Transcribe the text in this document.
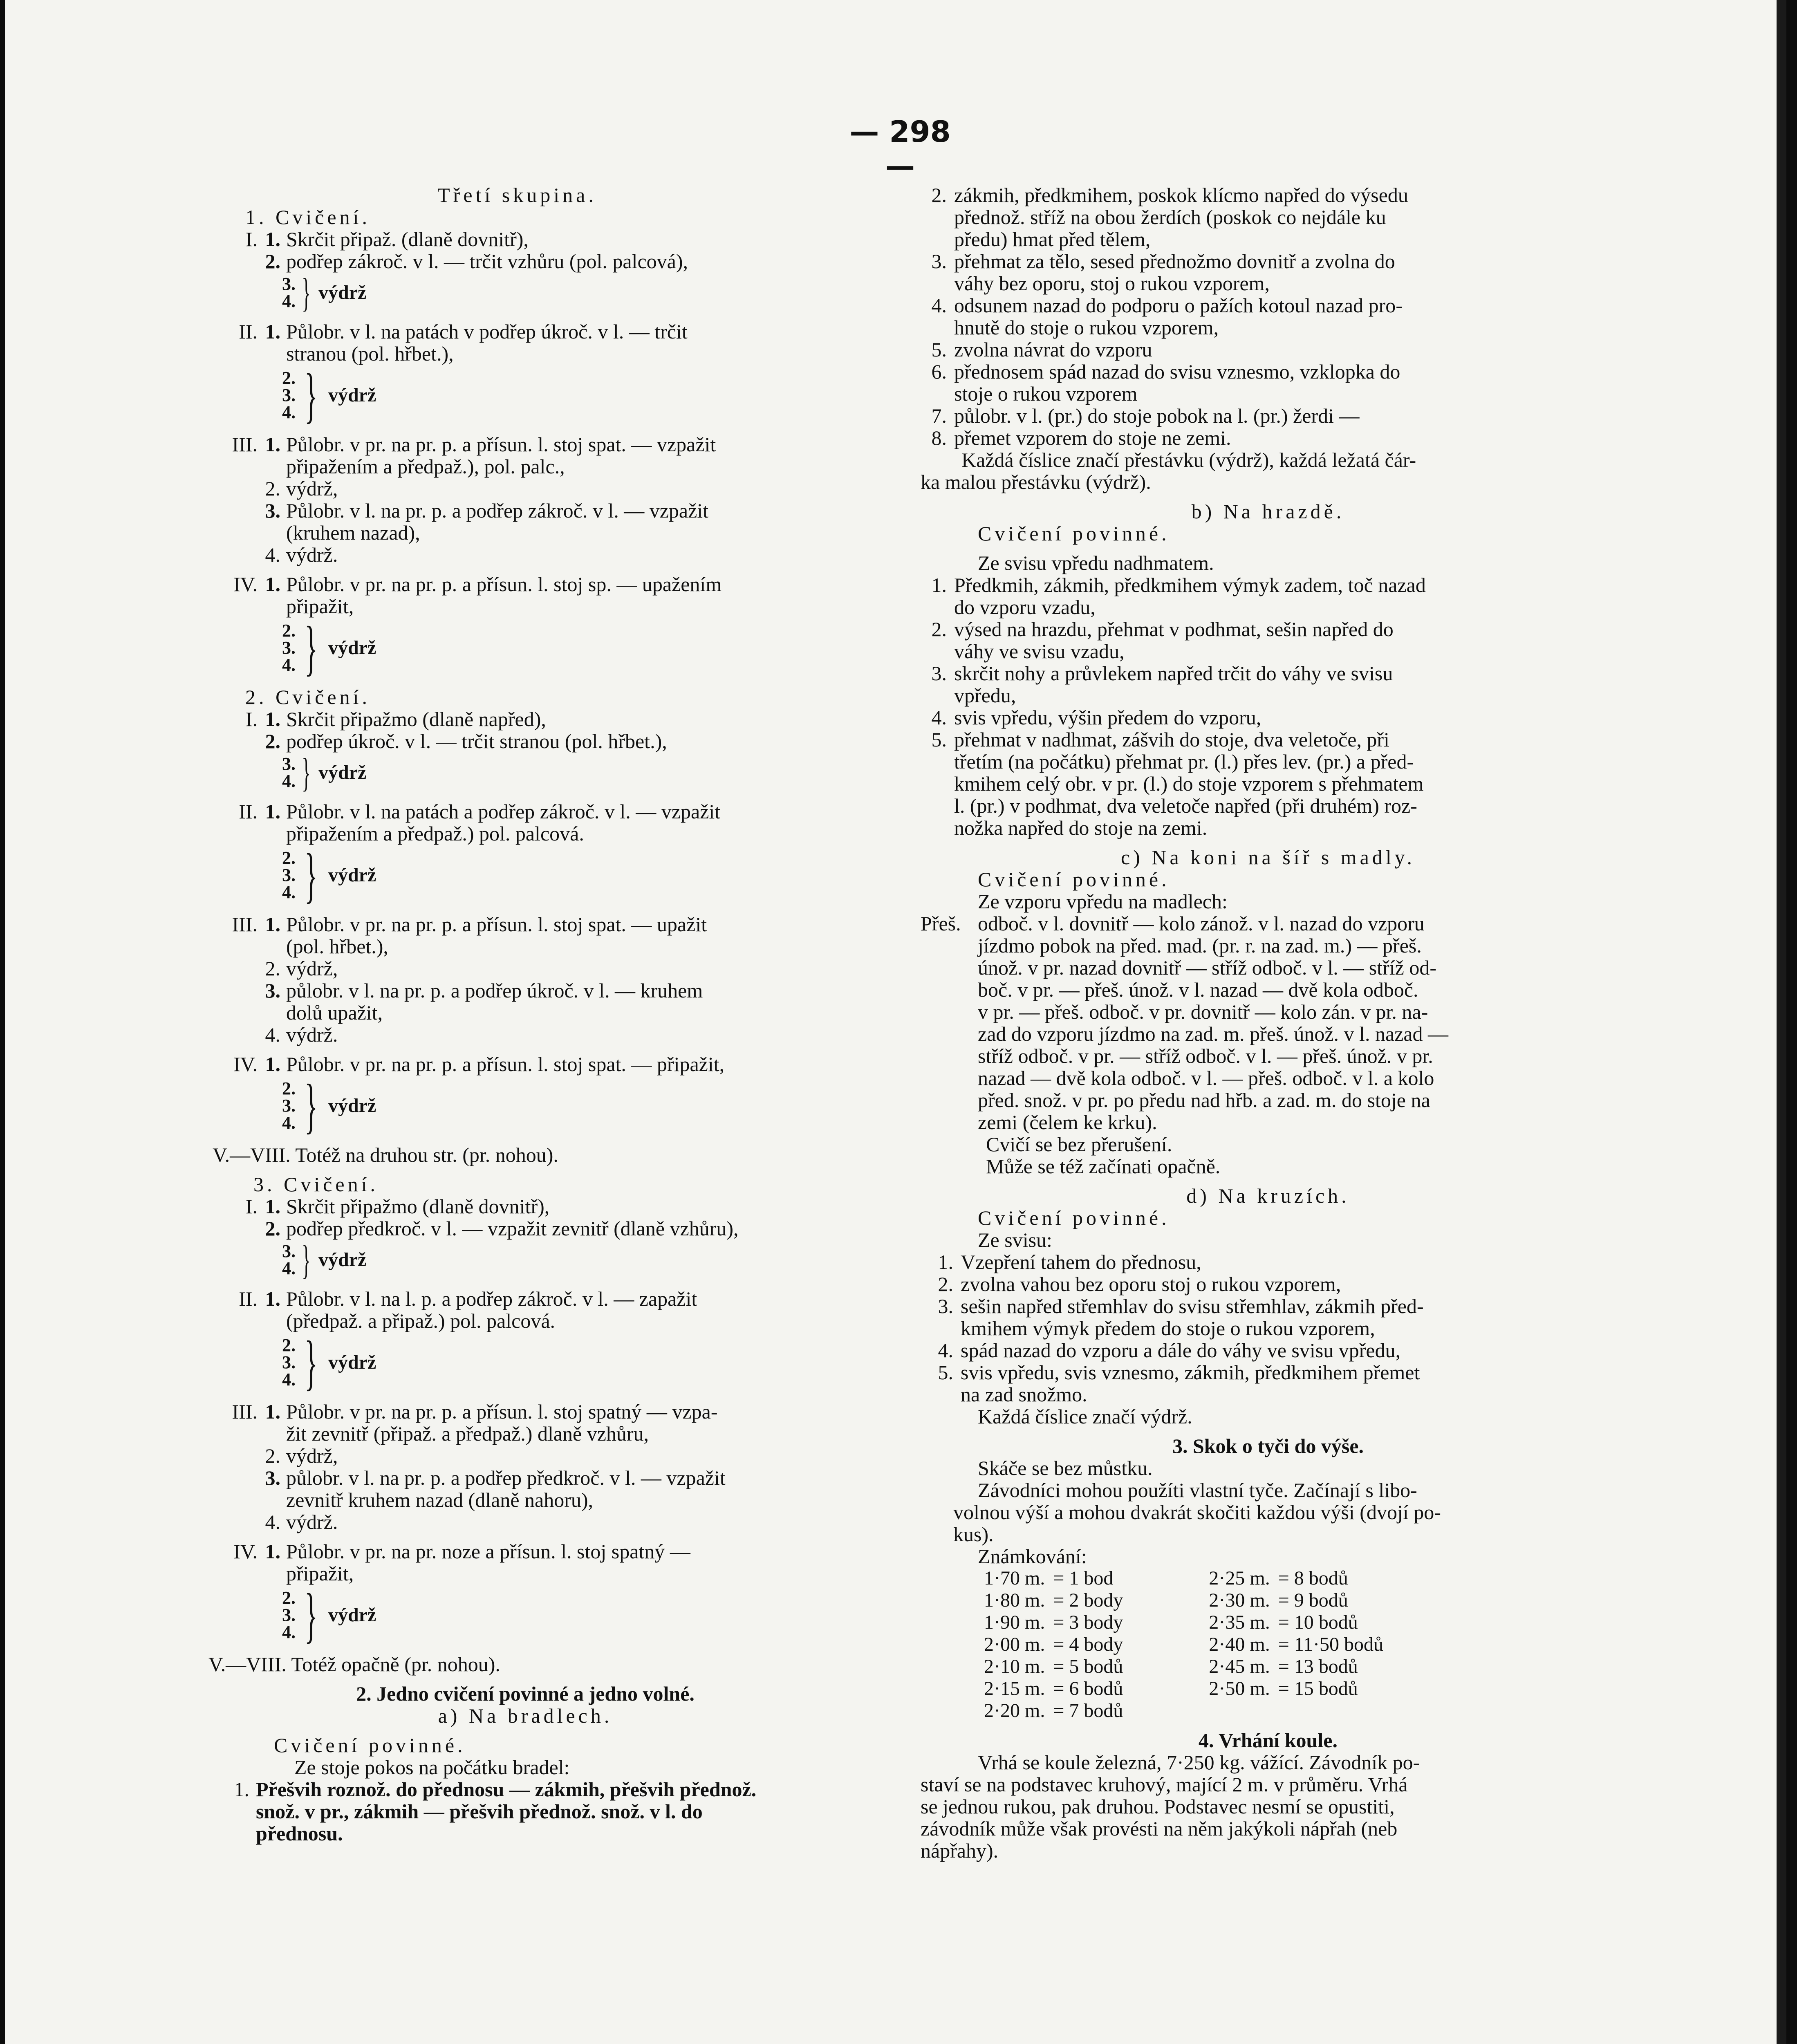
— 298 —
Třetí skupina.
1. Cvičení.
I. 1. Skrčit připaž. (dlaně dovnitř),
2. podřep zákroč. v l. — trčit vzhůru (pol. palcová),
3.
4. } výdrž
II. 1. Půlobr. v l. na patách v podřep úkroč. v l. — trčit
stranou (pol. hřbet.),
2.
3.
4. } výdrž
III. 1. Půlobr. v pr. na pr. p. a přísun. l. stoj spat. — vzpažit
připažením a předpaž.), pol. palc.,
2. výdrž,
3. Půlobr. v l. na pr. p. a podřep zákroč. v l. — vzpažit
(kruhem nazad),
4. výdrž.
IV. 1. Půlobr. v pr. na pr. p. a přísun. l. stoj sp. — upažením
připažit,
2.
3.
4. } výdrž
2. Cvičení.
I. 1. Skrčit připažmo (dlaně napřed),
2. podřep úkroč. v l. — trčit stranou (pol. hřbet.),
3.
4. } výdrž
II. 1. Půlobr. v l. na patách a podřep zákroč. v l. — vzpažit
připažením a předpaž.) pol. palcová.
2.
3.
4. } výdrž
III. 1. Půlobr. v pr. na pr. p. a přísun. l. stoj spat. — upažit
(pol. hřbet.),
2. výdrž,
3. půlobr. v l. na pr. p. a podřep úkroč. v l. — kruhem
dolů upažit,
4. výdrž.
IV. 1. Půlobr. v pr. na pr. p. a přísun. l. stoj spat. — připažit,
2.
3.
4. } výdrž
V.—VIII. Totéž na druhou str. (pr. nohou).
3. Cvičení.
I. 1. Skrčit připažmo (dlaně dovnitř),
2. podřep předkroč. v l. — vzpažit zevnitř (dlaně vzhůru),
3.
4. } výdrž
II. 1. Půlobr. v l. na l. p. a podřep zákroč. v l. — zapažit
(předpaž. a připaž.) pol. palcová.
2.
3.
4. } výdrž
III. 1. Půlobr. v pr. na pr. p. a přísun. l. stoj spatný — vzpa-
žit zevnitř (připaž. a předpaž.) dlaně vzhůru,
2. výdrž,
3. půlobr. v l. na pr. p. a podřep předkroč. v l. — vzpažit
zevnitř kruhem nazad (dlaně nahoru),
4. výdrž.
IV. 1. Půlobr. v pr. na pr. noze a přísun. l. stoj spatný —
připažit,
2.
3.
4. } výdrž
V.—VIII. Totéž opačně (pr. nohou).
2. Jedno cvičení povinné a jedno volné.
a) Na bradlech.
Cvičení povinné.
Ze stoje pokos na počátku bradel:
1. Přešvih roznož. do přednosu — zákmih, přešvih přednož.
snož. v pr., zákmih — přešvih přednož. snož. v l. do
přednosu.
2. zákmih, předkmihem, poskok klícmo napřed do výsedu
přednož. stříž na obou žerdích (poskok co nejdále ku
předu) hmat před tělem,
3. přehmat za tělo, sesed přednožmo dovnitř a zvolna do
váhy bez oporu, stoj o rukou vzporem,
4. odsunem nazad do podporu o pažích kotoul nazad pro-
hnutě do stoje o rukou vzporem,
5. zvolna návrat do vzporu
6. přednosem spád nazad do svisu vznesmo, vzklopka do
stoje o rukou vzporem
7. půlobr. v l. (pr.) do stoje pobok na l. (pr.) žerdi —
8. přemet vzporem do stoje ne zemi.
Každá číslice značí přestávku (výdrž), každá ležatá čár-
ka malou přestávku (výdrž).
b) Na hrazdě.
Cvičení povinné.
Ze svisu vpředu nadhmatem.
1. Předkmih, zákmih, předkmihem výmyk zadem, toč nazad
do vzporu vzadu,
2. výsed na hrazdu, přehmat v podhmat, sešin napřed do
váhy ve svisu vzadu,
3. skrčit nohy a průvlekem napřed trčit do váhy ve svisu
vpředu,
4. svis vpředu, výšin předem do vzporu,
5. přehmat v nadhmat, zášvih do stoje, dva veletoče, při
třetím (na počátku) přehmat pr. (l.) přes lev. (pr.) a před-
kmihem celý obr. v pr. (l.) do stoje vzporem s přehmatem
l. (pr.) v podhmat, dva veletoče napřed (při druhém) roz-
nožka napřed do stoje na zemi.
c) Na koni na šíř s madly.
Cvičení povinné.
Ze vzporu vpředu na madlech:
Přeš. odboč. v l. dovnitř — kolo zánož. v l. nazad do vzporu
jízdmo pobok na před. mad. (pr. r. na zad. m.) — přeš.
únož. v pr. nazad dovnitř — stříž odboč. v l. — stříž od-
boč. v pr. — přeš. únož. v l. nazad — dvě kola odboč.
v pr. — přeš. odboč. v pr. dovnitř — kolo zán. v pr. na-
zad do vzporu jízdmo na zad. m. přeš. únož. v l. nazad —
stříž odboč. v pr. — stříž odboč. v l. — přeš. únož. v pr.
nazad — dvě kola odboč. v l. — přeš. odboč. v l. a kolo
před. snož. v pr. po předu nad hřb. a zad. m. do stoje na
zemi (čelem ke krku).
Cvičí se bez přerušení.
Může se též začínati opačně.
d) Na kruzích.
Cvičení povinné.
Ze svisu:
1. Vzepření tahem do přednosu,
2. zvolna vahou bez oporu stoj o rukou vzporem,
3. sešin napřed střemhlav do svisu střemhlav, zákmih před-
kmihem výmyk předem do stoje o rukou vzporem,
4. spád nazad do vzporu a dále do váhy ve svisu vpředu,
5. svis vpředu, svis vznesmo, zákmih, předkmihem přemet
na zad snožmo.
Každá číslice značí výdrž.
3. Skok o tyči do výše.
Skáče se bez můstku.
Závodníci mohou použíti vlastní tyče. Začínají s libo-
volnou výší a mohou dvakrát skočiti každou výši (dvojí po-
kus).
Známkování:
1·70 m.	= 1 bod		2·25 m.	= 8 bodů
1·80 m.	= 2 body		2·30 m.	= 9 bodů
1·90 m.	= 3 body		2·35 m.	= 10 bodů
2·00 m.	= 4 body		2·40 m.	= 11·50 bodů
2·10 m.	= 5 bodů		2·45 m.	= 13 bodů
2·15 m.	= 6 bodů		2·50 m.	= 15 bodů
2·20 m.	= 7 bodů			
4. Vrhání koule.
Vrhá se koule železná, 7·250 kg. vážící. Závodník po-
staví se na podstavec kruhový, mající 2 m. v průměru. Vrhá
se jednou rukou, pak druhou. Podstavec nesmí se opustiti,
závodník může však provésti na něm jakýkoli nápřah (neb
nápřahy).
